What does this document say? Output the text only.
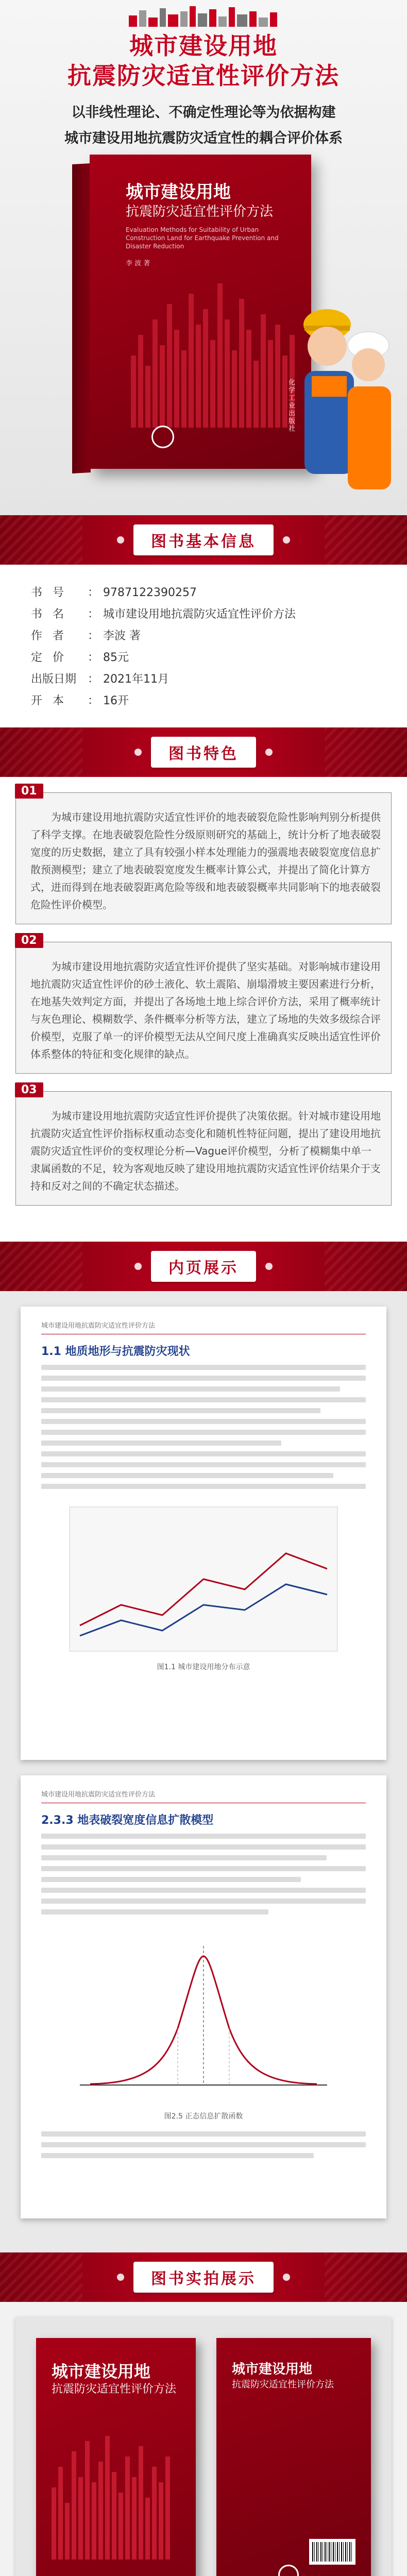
城市建设用地
抗震防灾适宜性评价方法
以非线性理论、不确定性理论等为依据构建
城市建设用地抗震防灾适宜性的耦合评价体系
城市建设用地
抗震防灾适宜性评价方法
Evaluation Methods for Suitability of Urban Construction Land for Earthquake Prevention and Disaster Reduction
李 波 著
化学工业出版社
图书基本信息
书号	： 9787122390257
书名	： 城市建设用地抗震防灾适宜性评价方法
作者	： 李波 著
定价	： 85元
出版日期 ： 2021年11月
开本	： 16开
图书特色
01

为城市建设用地抗震防灾适宜性评价的地表破裂危险性影响判别分析提供了科学支撑。在地表破裂危险性分级原则研究的基础上，统计分析了地表破裂宽度的历史数据，建立了具有较强小样本处理能力的强震地表破裂宽度信息扩散预测模型；建立了地表破裂宽度发生概率计算公式，并提出了简化计算方式，进而得到在地表破裂距离危险等级和地表破裂概率共同影响下的地表破裂危险性评价模型。

02

为城市建设用地抗震防灾适宜性评价提供了坚实基础。对影响城市建设用地抗震防灾适宜性评价的砂土液化、软土震陷、崩塌滑坡主要因素进行分析，在地基失效判定方面，并提出了各场地土地上综合评价方法，采用了概率统计与灰色理论、模糊数学、条件概率分析等方法，建立了场地的失效多级综合评价模型，克服了单一的评价模型无法从空间尺度上准确真实反映出适宜性评价体系整体的特征和变化规律的缺点。

03

为城市建设用地抗震防灾适宜性评价提供了决策依据。针对城市建设用地抗震防灾适宜性评价指标权重动态变化和随机性特征问题，提出了建设用地抗震防灾适宜性评价的变权理论分析—Vague评价模型，分析了模糊集中单一隶属函数的不足，较为客观地反映了建设用地抗震防灾适宜性评价结果介于支持和反对之间的不确定状态描述。

内页展示
城市建设用地抗震防灾适宜性评价方法
1.1 地质地形与抗震防灾现状
图1.1 城市建设用地分布示意
城市建设用地抗震防灾适宜性评价方法
2.3.3 地表破裂宽度信息扩散模型
图2.5 正态信息扩散函数
图书实拍展示
城市建设用地
抗震防灾适宜性评价方法
城市建设用地
抗震防灾适宜性评价方法
